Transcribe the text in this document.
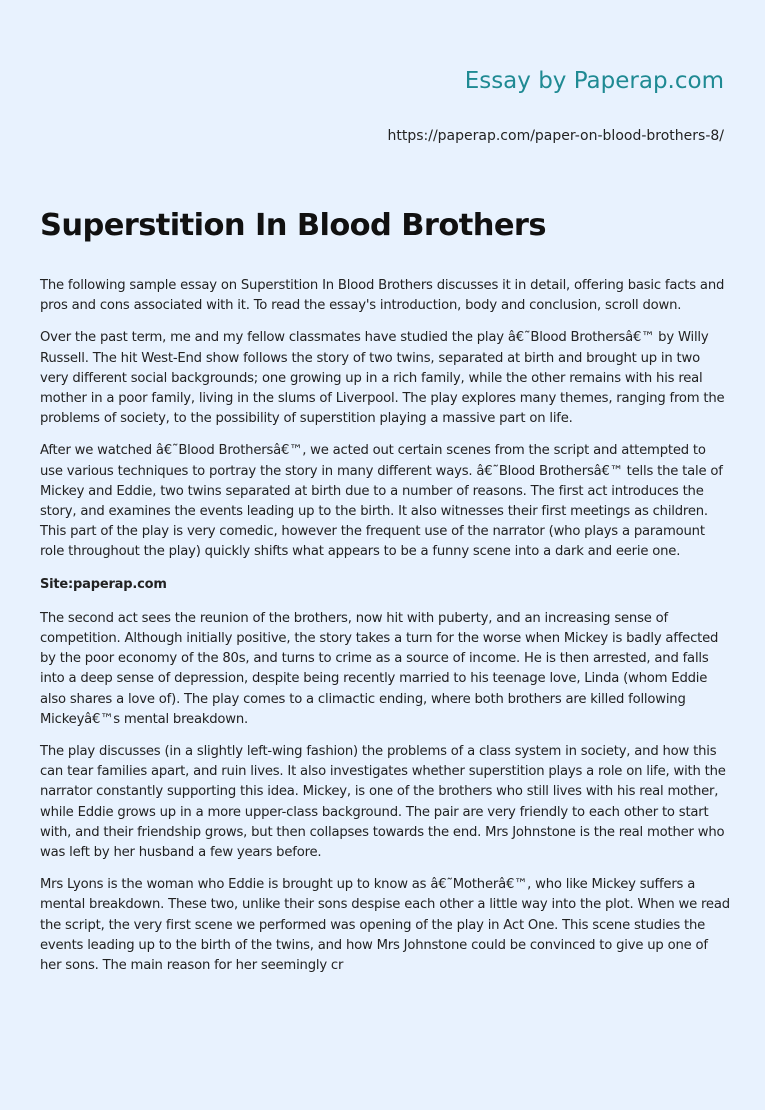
Essay by Paperap.com
https://paperap.com/paper-on-blood-brothers-8/
Superstition In Blood Brothers

The following sample essay on Superstition In Blood Brothers discusses it in detail, offering basic facts and pros and cons associated with it. To read the essay's introduction, body and conclusion, scroll down.

Over the past term, me and my fellow classmates have studied the play â€˜Blood Brothersâ€™ by Willy Russell. The hit West-End show follows the story of two twins, separated at birth and brought up in two very different social backgrounds; one growing up in a rich family, while the other remains with his real mother in a poor family, living in the slums of Liverpool. The play explores many themes, ranging from the problems of society, to the possibility of superstition playing a massive part on life.

After we watched â€˜Blood Brothersâ€™, we acted out certain scenes from the script and attempted to use various techniques to portray the story in many different ways. â€˜Blood Brothersâ€™ tells the tale of Mickey and Eddie, two twins separated at birth due to a number of reasons. The first act introduces the story, and examines the events leading up to the birth. It also witnesses their first meetings as children. This part of the play is very comedic, however the frequent use of the narrator (who plays a paramount role throughout the play) quickly shifts what appears to be a funny scene into a dark and eerie one.

Site:paperap.com

The second act sees the reunion of the brothers, now hit with puberty, and an increasing sense of competition. Although initially positive, the story takes a turn for the worse when Mickey is badly affected by the poor economy of the 80s, and turns to crime as a source of income. He is then arrested, and falls into a deep sense of depression, despite being recently married to his teenage love, Linda (whom Eddie also shares a love of). The play comes to a climactic ending, where both brothers are killed following Mickeyâ€™s mental breakdown.

The play discusses (in a slightly left-wing fashion) the problems of a class system in society, and how this can tear families apart, and ruin lives. It also investigates whether superstition plays a role on life, with the narrator constantly supporting this idea. Mickey, is one of the brothers who still lives with his real mother, while Eddie grows up in a more upper-class background. The pair are very friendly to each other to start with, and their friendship grows, but then collapses towards the end. Mrs Johnstone is the real mother who was left by her husband a few years before.

Mrs Lyons is the woman who Eddie is brought up to know as â€˜Motherâ€™, who like Mickey suffers a mental breakdown. These two, unlike their sons despise each other a little way into the plot. When we read the script, the very first scene we performed was opening of the play in Act One. This scene studies the events leading up to the birth of the twins, and how Mrs Johnstone could be convinced to give up one of her sons. The main reason for her seemingly cr
